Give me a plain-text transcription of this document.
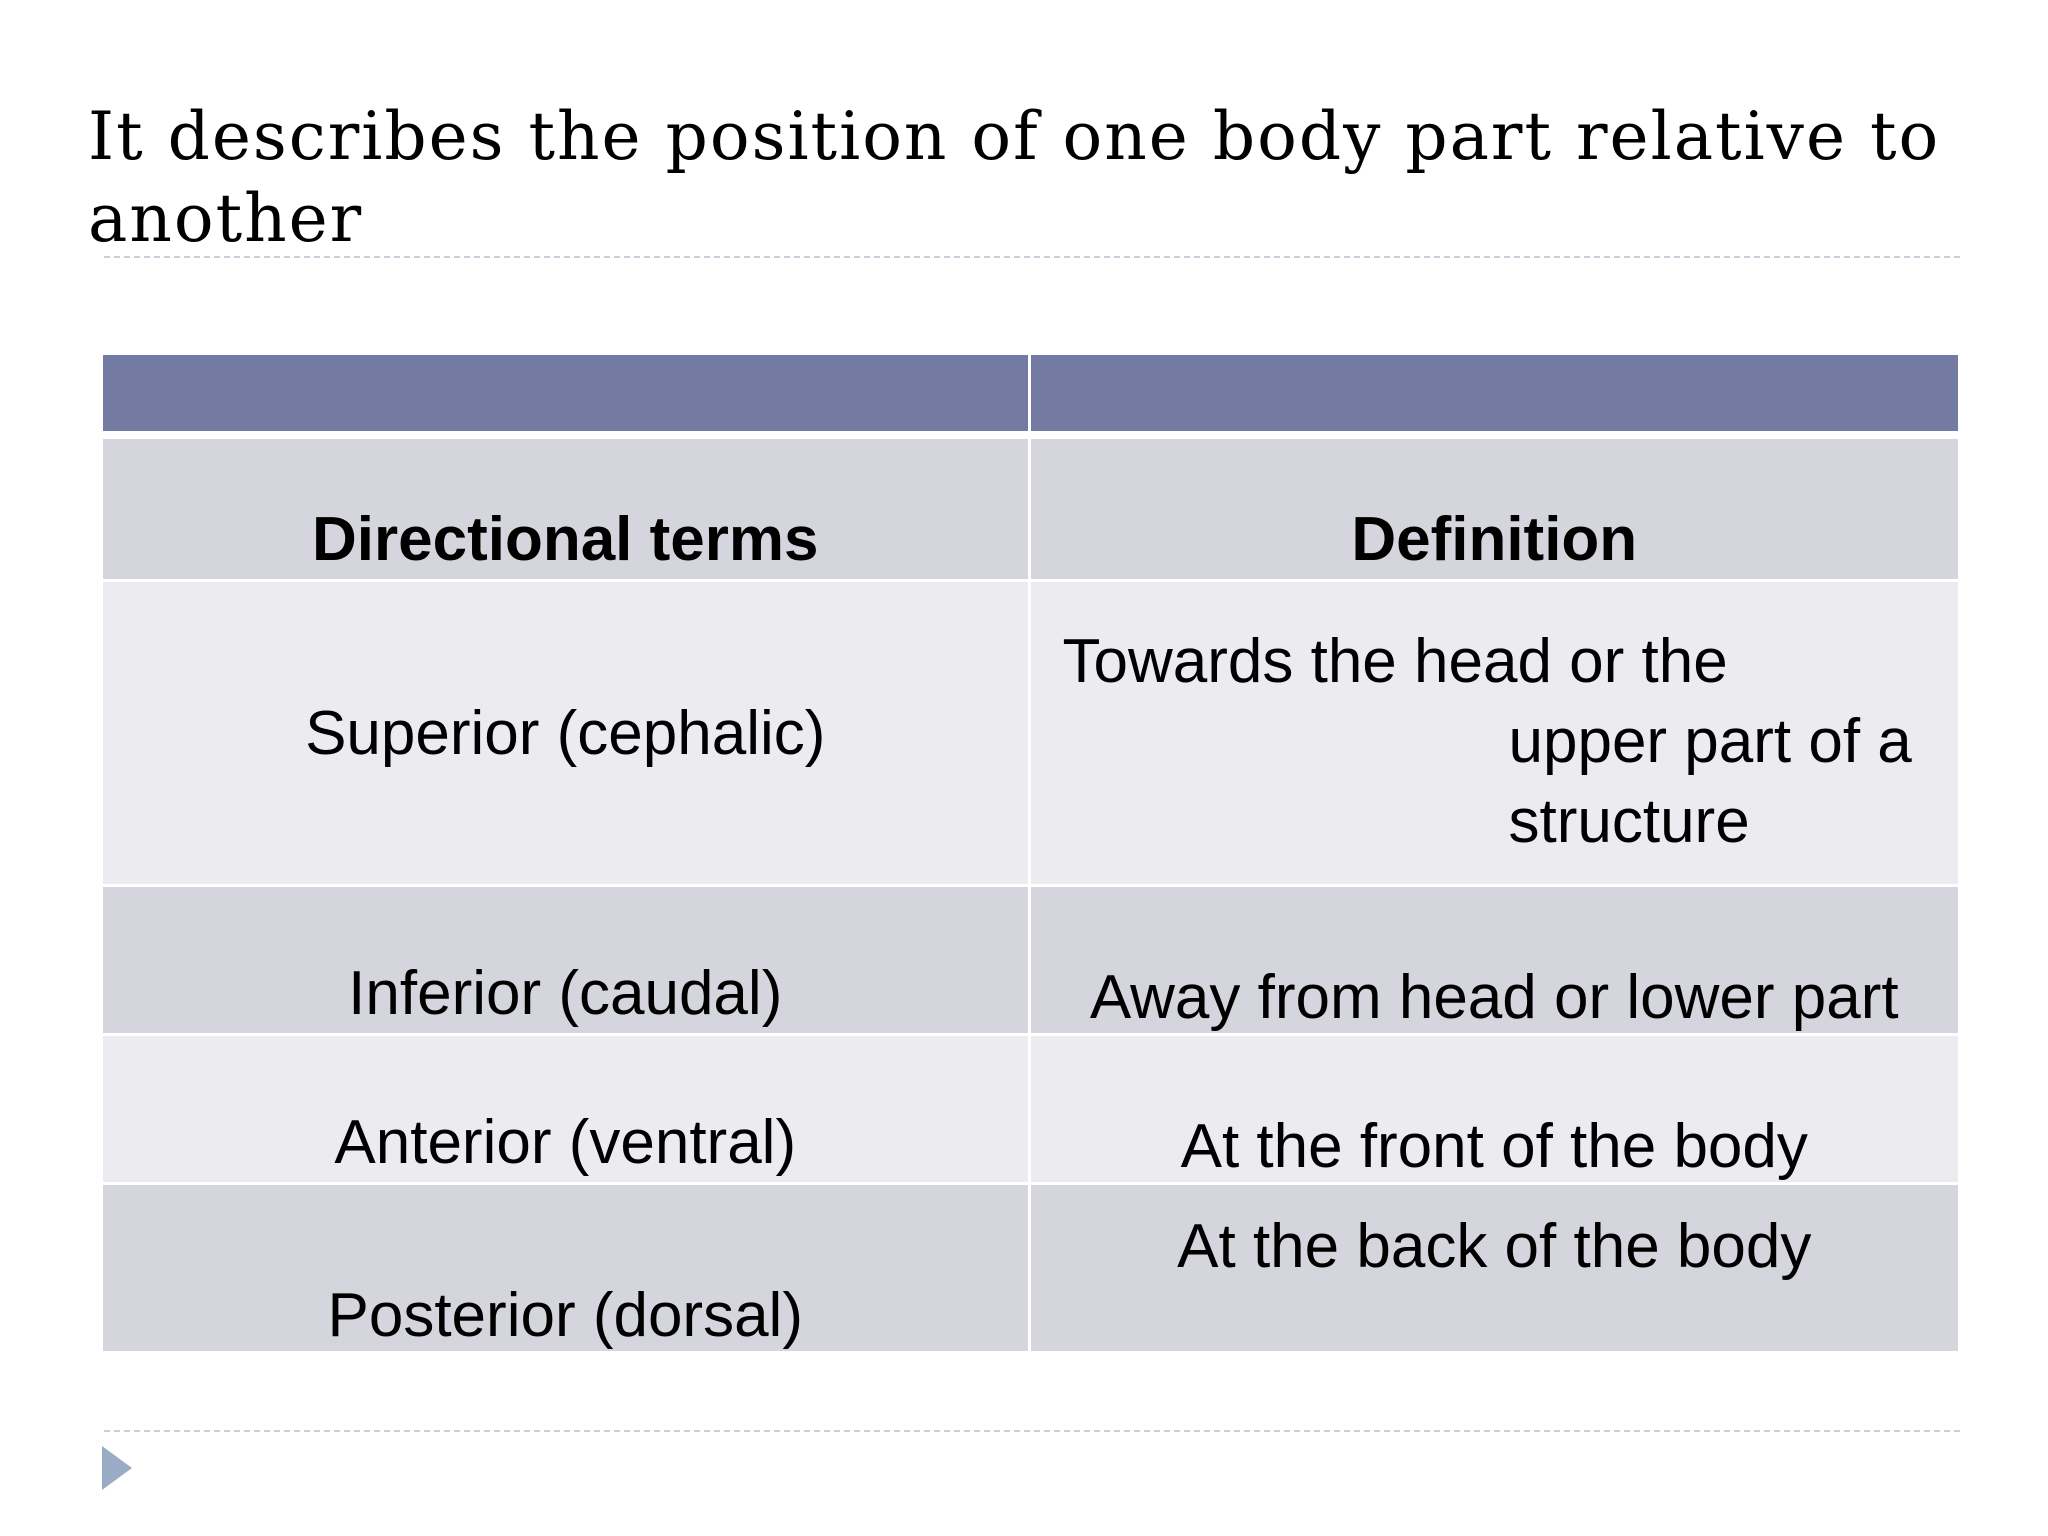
It describes the position of one body part relative to another

Directional terms	Definition
Superior (cephalic)	Towards the head or the
upper part of a
structure

Inferior (caudal)	Away from head or lower part
Anterior (ventral)	At the front of the body
Posterior (dorsal)	At the back of the body
